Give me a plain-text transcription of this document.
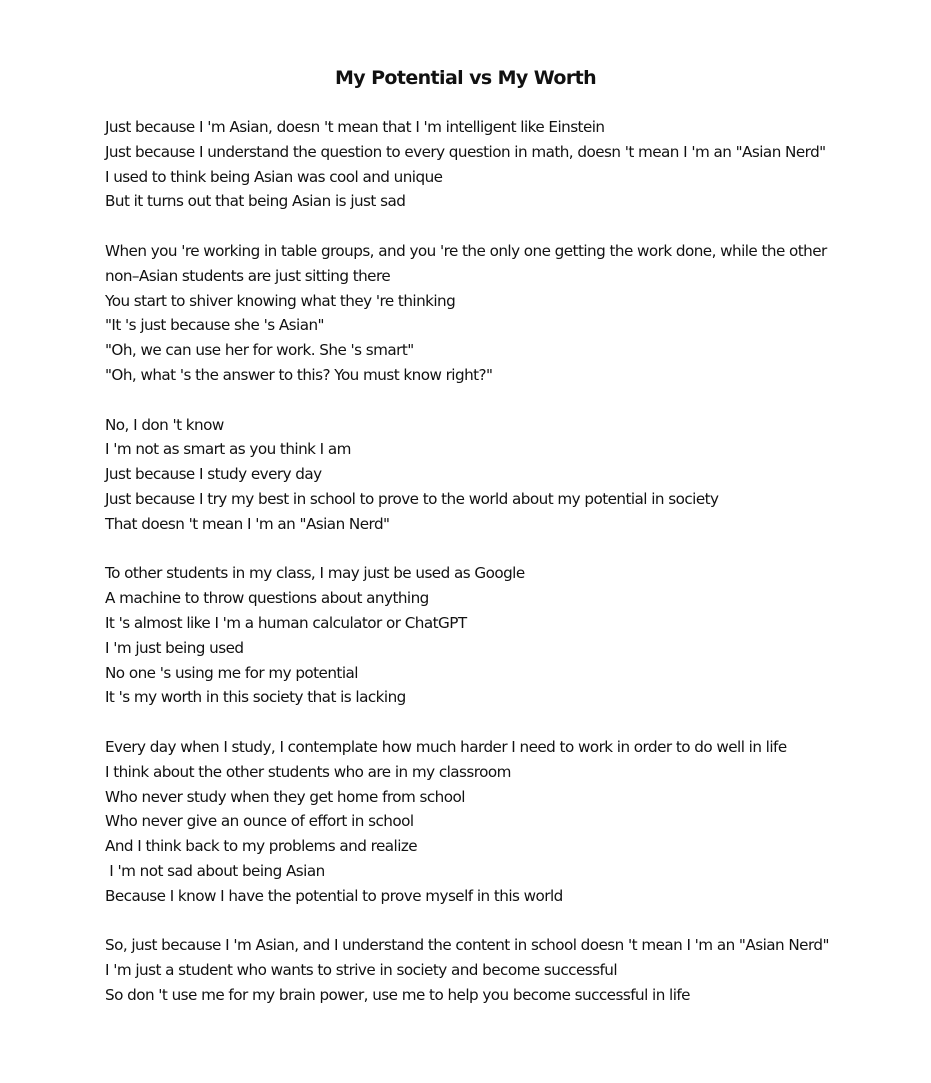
My Potential vs My Worth
Just because I 'm Asian, doesn 't mean that I 'm intelligent like Einstein
Just because I understand the question to every question in math, doesn 't mean I 'm an "Asian Nerd"
I used to think being Asian was cool and unique
But it turns out that being Asian is just sad
When you 're working in table groups, and you 're the only one getting the work done, while the other
non–Asian students are just sitting there
You start to shiver knowing what they 're thinking
"It 's just because she 's Asian"
"Oh, we can use her for work. She 's smart"
"Oh, what 's the answer to this? You must know right?"
No, I don 't know
I 'm not as smart as you think I am
Just because I study every day
Just because I try my best in school to prove to the world about my potential in society
That doesn 't mean I 'm an "Asian Nerd"
To other students in my class, I may just be used as Google
A machine to throw questions about anything
It 's almost like I 'm a human calculator or ChatGPT
I 'm just being used
No one 's using me for my potential
It 's my worth in this society that is lacking
Every day when I study, I contemplate how much harder I need to work in order to do well in life
I think about the other students who are in my classroom
Who never study when they get home from school
Who never give an ounce of effort in school
And I think back to my problems and realize
I 'm not sad about being Asian
Because I know I have the potential to prove myself in this world
So, just because I 'm Asian, and I understand the content in school doesn 't mean I 'm an "Asian Nerd"
I 'm just a student who wants to strive in society and become successful
So don 't use me for my brain power, use me to help you become successful in life
